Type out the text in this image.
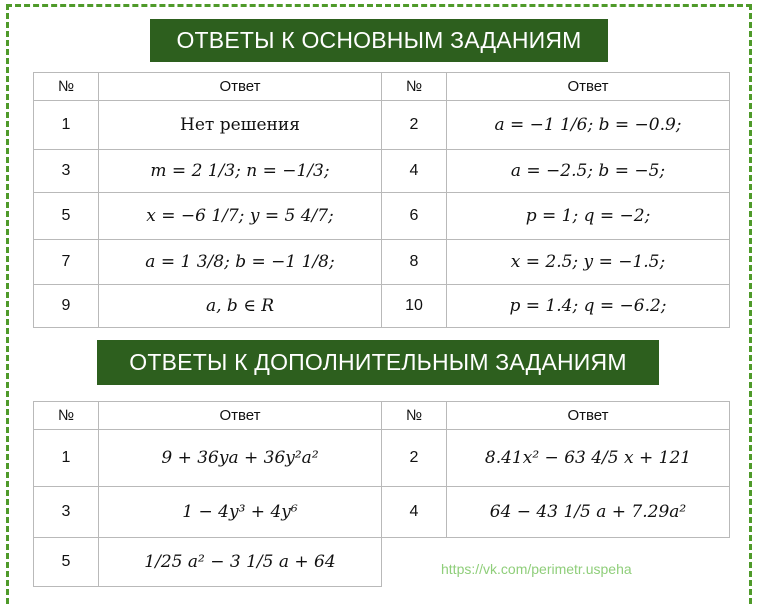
ОТВЕТЫ К ОСНОВНЫМ ЗАДАНИЯМ
№	Ответ	№	Ответ
1	Нет решения	2	a = −1 1/6; b = −0.9;
3	m = 2 1/3; n = −1/3;	4	a = −2.5; b = −5;
5	x = −6 1/7; y = 5 4/7;	6	p = 1; q = −2;
7	a = 1 3/8; b = −1 1/8;	8	x = 2.5; y = −1.5;
9	a, b ∈ R	10	p = 1.4; q = −6.2;
ОТВЕТЫ К ДОПОЛНИТЕЛЬНЫМ ЗАДАНИЯМ
№	Ответ	№	Ответ
1	9 + 36ya + 36y²a²	2	8.41x² − 63 4/5 x + 121
3	1 − 4y³ + 4y⁶	4	64 − 43 1/5 a + 7.29a²
5	1/25 a² − 3 1/5 a + 64			https://vk.com/perimetr.uspeha
